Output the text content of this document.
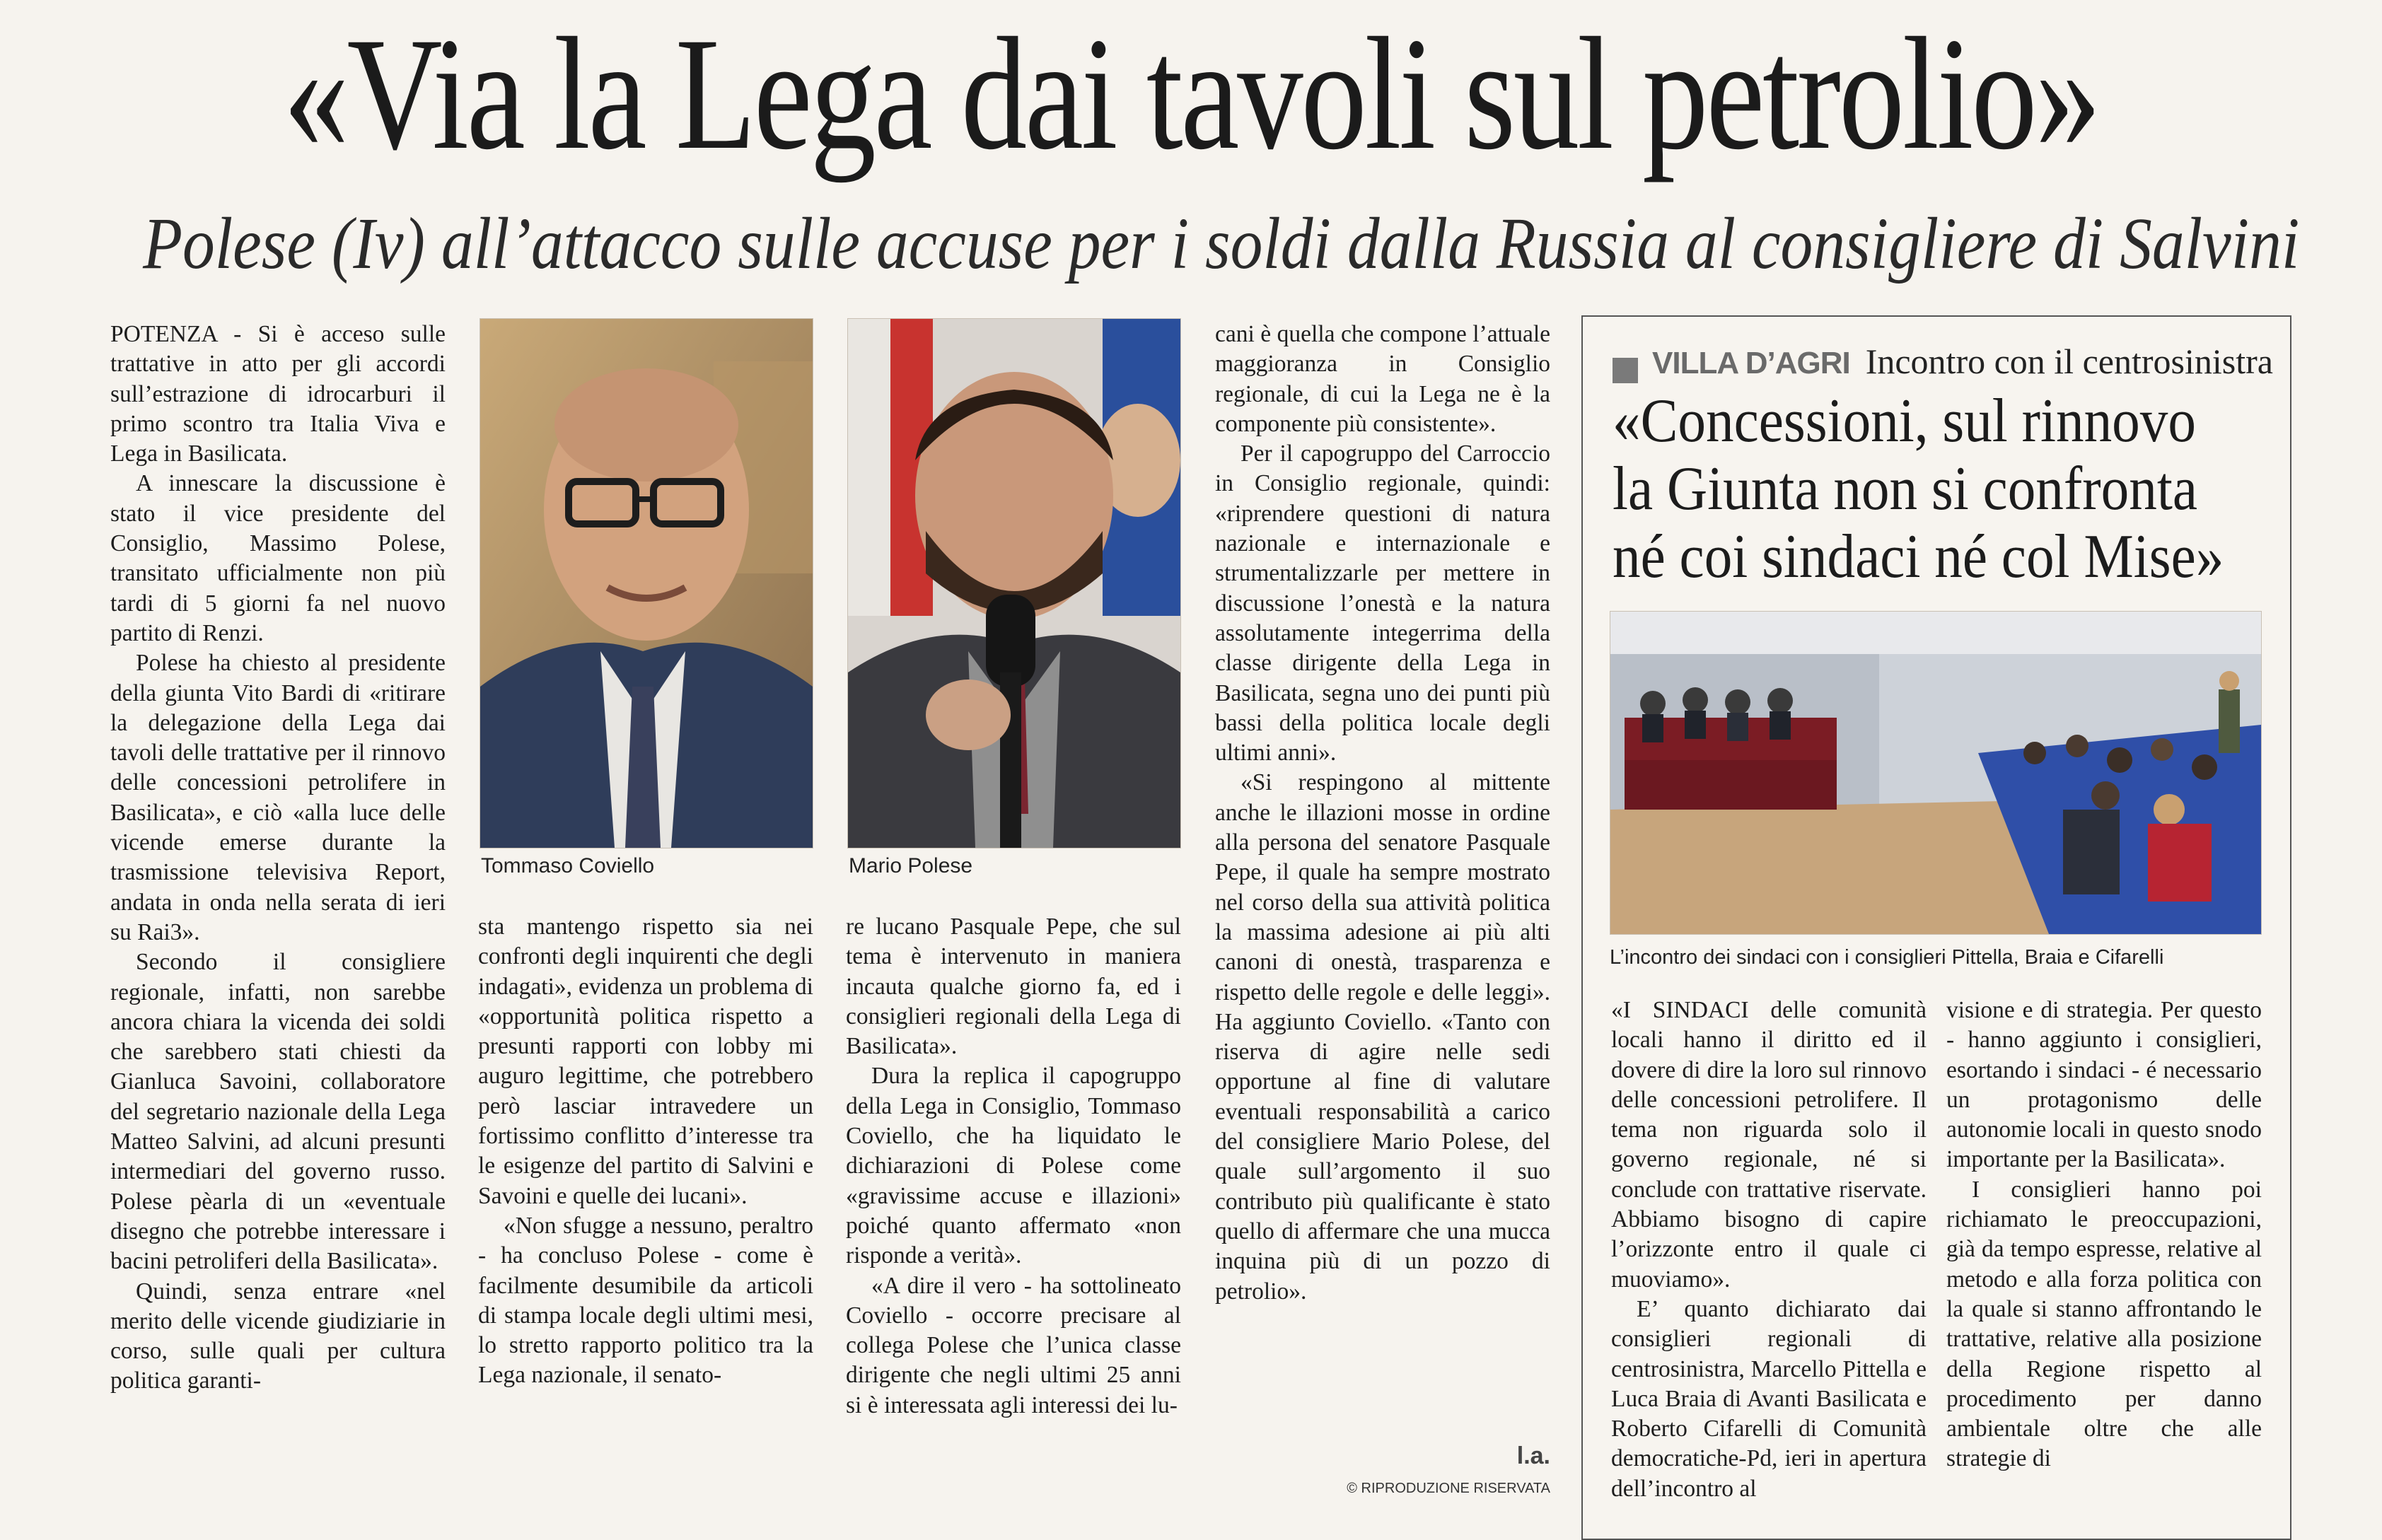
«Via la Lega dai tavoli sul petrolio»
Polese (Iv) all’attacco sulle accuse per i soldi dalla Russia al consigliere di Salvini

POTENZA - Si è acceso sulle trattative in atto per gli accordi sull’estrazione di idrocarburi il primo scontro tra Italia Viva e Lega in Basilicata.

A innescare la discussione è stato il vice presidente del Consiglio, Massimo Polese, transitato ufficialmente non più tardi di 5 giorni fa nel nuovo partito di Renzi.

Polese ha chiesto al presidente della giunta Vito Bardi di «ritirare la delegazione della Lega dai tavoli delle trattative per il rinnovo delle concessioni petrolifere in Basilicata», e ciò «alla luce delle vicende emerse durante la trasmissione televisiva Report, andata in onda nella serata di ieri su Rai3».

Secondo il consigliere regionale, infatti, non sarebbe ancora chiara la vicenda dei soldi che sarebbero stati chiesti da Gianluca Savoini, collaboratore del segretario nazionale della Lega Matteo Salvini, ad alcuni presunti intermediari del governo russo. Polese pèarla di un «eventuale disegno che potrebbe interessare i bacini petroliferi della Basilicata».

Quindi, senza entrare «nel merito delle vicende giudiziarie in corso, sulle quali per cultura politica garanti-

Tommaso Coviello	Mario Polese

sta mantengo rispetto sia nei confronti degli inquirenti che degli indagati», evidenza un problema di «opportunità politica rispetto a presunti rapporti con lobby mi auguro legittime, che potrebbero però lasciar intravedere un fortissimo conflitto d’interesse tra le esigenze del partito di Salvini e Savoini e quelle dei lucani».

«Non sfugge a nessuno, peraltro - ha concluso Polese - come è facilmente desumibile da articoli di stampa locale degli ultimi mesi, lo stretto rapporto politico tra la Lega nazionale, il senato-

re lucano Pasquale Pepe, che sul tema è intervenuto in maniera incauta qualche giorno fa, ed i consiglieri regionali della Lega di Basilicata».

Dura la replica il capogruppo della Lega in Consiglio, Tommaso Coviello, che ha liquidato le dichiarazioni di Polese come «gravissime accuse e illazioni» poiché quanto affermato «non risponde a verità».

«A dire il vero - ha sottolineato Coviello - occorre precisare al collega Polese che l’unica classe dirigente che negli ultimi 25 anni si è interessata agli interessi dei lu-

cani è quella che compone l’attuale maggioranza in Consiglio regionale, di cui la Lega ne è la componente più consistente».

Per il capogruppo del Carroccio in Consiglio regionale, quindi: «riprendere questioni di natura nazionale e internazionale e strumentalizzarle per mettere in discussione l’onestà e la natura assolutamente integerrima della classe dirigente della Lega in Basilicata, segna uno dei punti più bassi della politica locale degli ultimi anni».

«Si respingono al mittente anche le illazioni mosse in ordine alla persona del senatore Pasquale Pepe, il quale ha sempre mostrato nel corso della sua attività politica la massima adesione ai più alti canoni di onestà, trasparenza e rispetto delle regole e delle leggi». Ha aggiunto Coviello. «Tanto con riserva di agire nelle sedi opportune al fine di valutare eventuali responsabilità a carico del consigliere Mario Polese, del quale sull’argomento il suo contributo più qualificante è stato quello di affermare che una mucca inquina più di un pozzo di petrolio».

l.a.
© RIPRODUZIONE RISERVATA
VILLA D’AGRI Incontro con il centrosinistra
«Concessioni, sul rinnovo
la Giunta non si confronta
né coi sindaci né col Mise»
L’incontro dei sindaci con i consiglieri Pittella, Braia e Cifarelli

«I SINDACI delle comunità locali hanno il diritto ed il dovere di dire la loro sul rinnovo delle concessioni petrolifere. Il tema non riguarda solo il governo regionale, né si conclude con trattative riservate. Abbiamo bisogno di capire l’orizzonte entro il quale ci muoviamo».

E’ quanto dichiarato dai consiglieri regionali di centrosinistra, Marcello Pittella e Luca Braia di Avanti Basilicata e Roberto Cifarelli di Comunità democratiche-Pd, ieri in apertura dell’incontro al

visione e di strategia. Per questo - hanno aggiunto i consiglieri, esortando i sindaci - é necessario un protagonismo delle autonomie locali in questo snodo importante per la Basilicata».

I consiglieri hanno poi richiamato le preoccupazioni, già da tempo espresse, relative al metodo e alla forza politica con la quale si stanno affrontando le trattative, relative alla posizione della Regione rispetto al procedimento per danno ambientale oltre che alle strategie di
